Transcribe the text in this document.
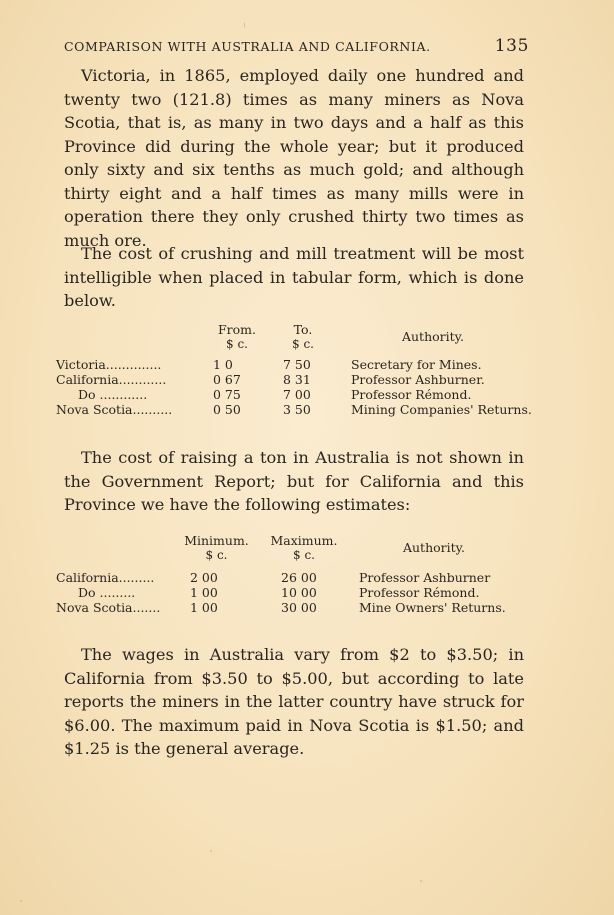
COMPARISON WITH AUSTRALIA AND CALIFORNIA.	135

Victoria, in 1865, employed daily one hundred and twenty two (121.8) times as many miners as Nova Scotia, that is, as many in two days and a half as this Province did during the whole year; but it produced only sixty and six tenths as much gold; and although thirty eight and a half times as many mills were in operation there they only crushed thirty two times as much ore.

The cost of crushing and mill treatment will be most intelligible when placed in tabular form, which is done below.

	From.	To.	Authority.
	$ c.	$ c.	

Victoria..............	1 0	7 50	Secretary for Mines.
California............	0 67	8 31	Professor Ashburner.
Do ............	0 75	7 00	Professor Rémond.
Nova Scotia..........	0 50	3 50	Mining Companies' Returns.

The cost of raising a ton in Australia is not shown in the Government Report; but for California and this Province we have the following estimates:

	Minimum.	Maximum.	Authority.
	$ c.	$ c.	

California.........	2 00	26 00	Professor Ashburner
Do .........	1 00	10 00	Professor Rémond.
Nova Scotia.......	1 00	30 00	Mine Owners' Returns.

The wages in Australia vary from $2 to $3.50; in California from $3.50 to $5.00, but according to late reports the miners in the latter country have struck for $6.00. The maximum paid in Nova Scotia is $1.50; and $1.25 is the general average.
